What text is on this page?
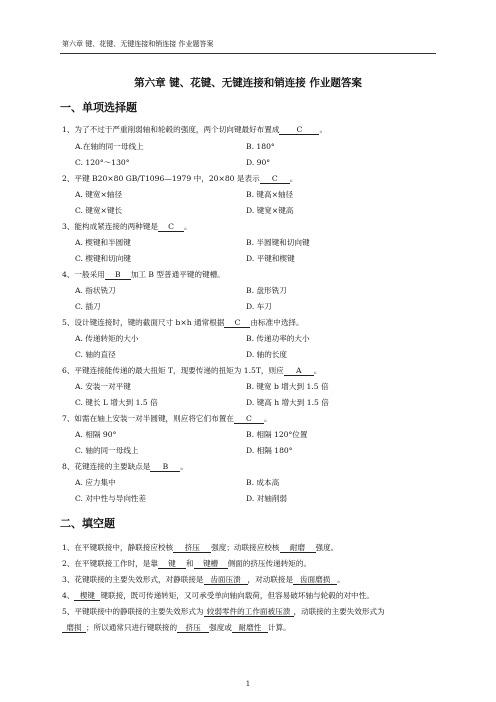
第六章 键、花键、无键连接和销连接 作业题答案
第六章 键、花键、无键连接和销连接 作业题答案
一、单项选择题
1、为了不过于严重削弱轴和轮毂的强度，两个切向键最好布置成 C 。
A.在轴的同一母线上	B. 180°
C. 120°～130°	D. 90°
2、平键 B20×80 GB/T1096—1979 中，20×80 是表示 C 。
A. 键宽×轴径	B. 键高×轴径
C. 键宽×键长	D. 键宽×键高
3、能构成紧连接的两种键是 C 。
A. 楔键和半圆键	B. 半圆键和切向键
C. 楔键和切向键	D. 平键和楔键
4、一般采用 B 加工 B 型普通平键的键槽。
A. 指状铣刀	B. 盘形铣刀
C. 插刀	D. 车刀
5、设计键连接时，键的截面尺寸 b×h 通常根据 C 由标准中选择。
A. 传递转矩的大小	B. 传递功率的大小
C. 轴的直径	D. 轴的长度
6、平键连接能传递的最大扭矩 T，现要传递的扭矩为 1.5T，则应 A 。
A. 安装一对平键	B. 键宽 b 增大到 1.5 倍
C. 键长 L 增大到 1.5 倍	D. 键高 h 增大到 1.5 倍
7、如需在轴上安装一对半圆键，则应将它们布置在 C 。
A. 相隔 90°	B. 相隔 120°位置
C. 轴的同一母线上	D. 相隔 180°
8、花键连接的主要缺点是 B 。
A. 应力集中	B. 成本高
C. 对中性与导向性差	D. 对轴削弱
二、填空题
1、在平键联接中，静联接应校核 挤压 强度；动联接应校核 耐磨 强度。
2、在平键联接工作时，是靠 键 和 键槽 侧面的挤压传递转矩的。
3、花键联接的主要失效形式，对静联接是 齿面压溃 ，对动联接是 齿面磨损 。
4、 楔键 键联接，既可传递转矩，又可承受单向轴向载荷，但容易破坏轴与轮毂的对中性。
5、平键联接中的静联接的主要失效形式为 较弱零件的工作面被压溃 ，动联接的主要失效形式为
磨损 ；所以通常只进行键联接的 挤压 强度或 耐磨性 计算。
1
